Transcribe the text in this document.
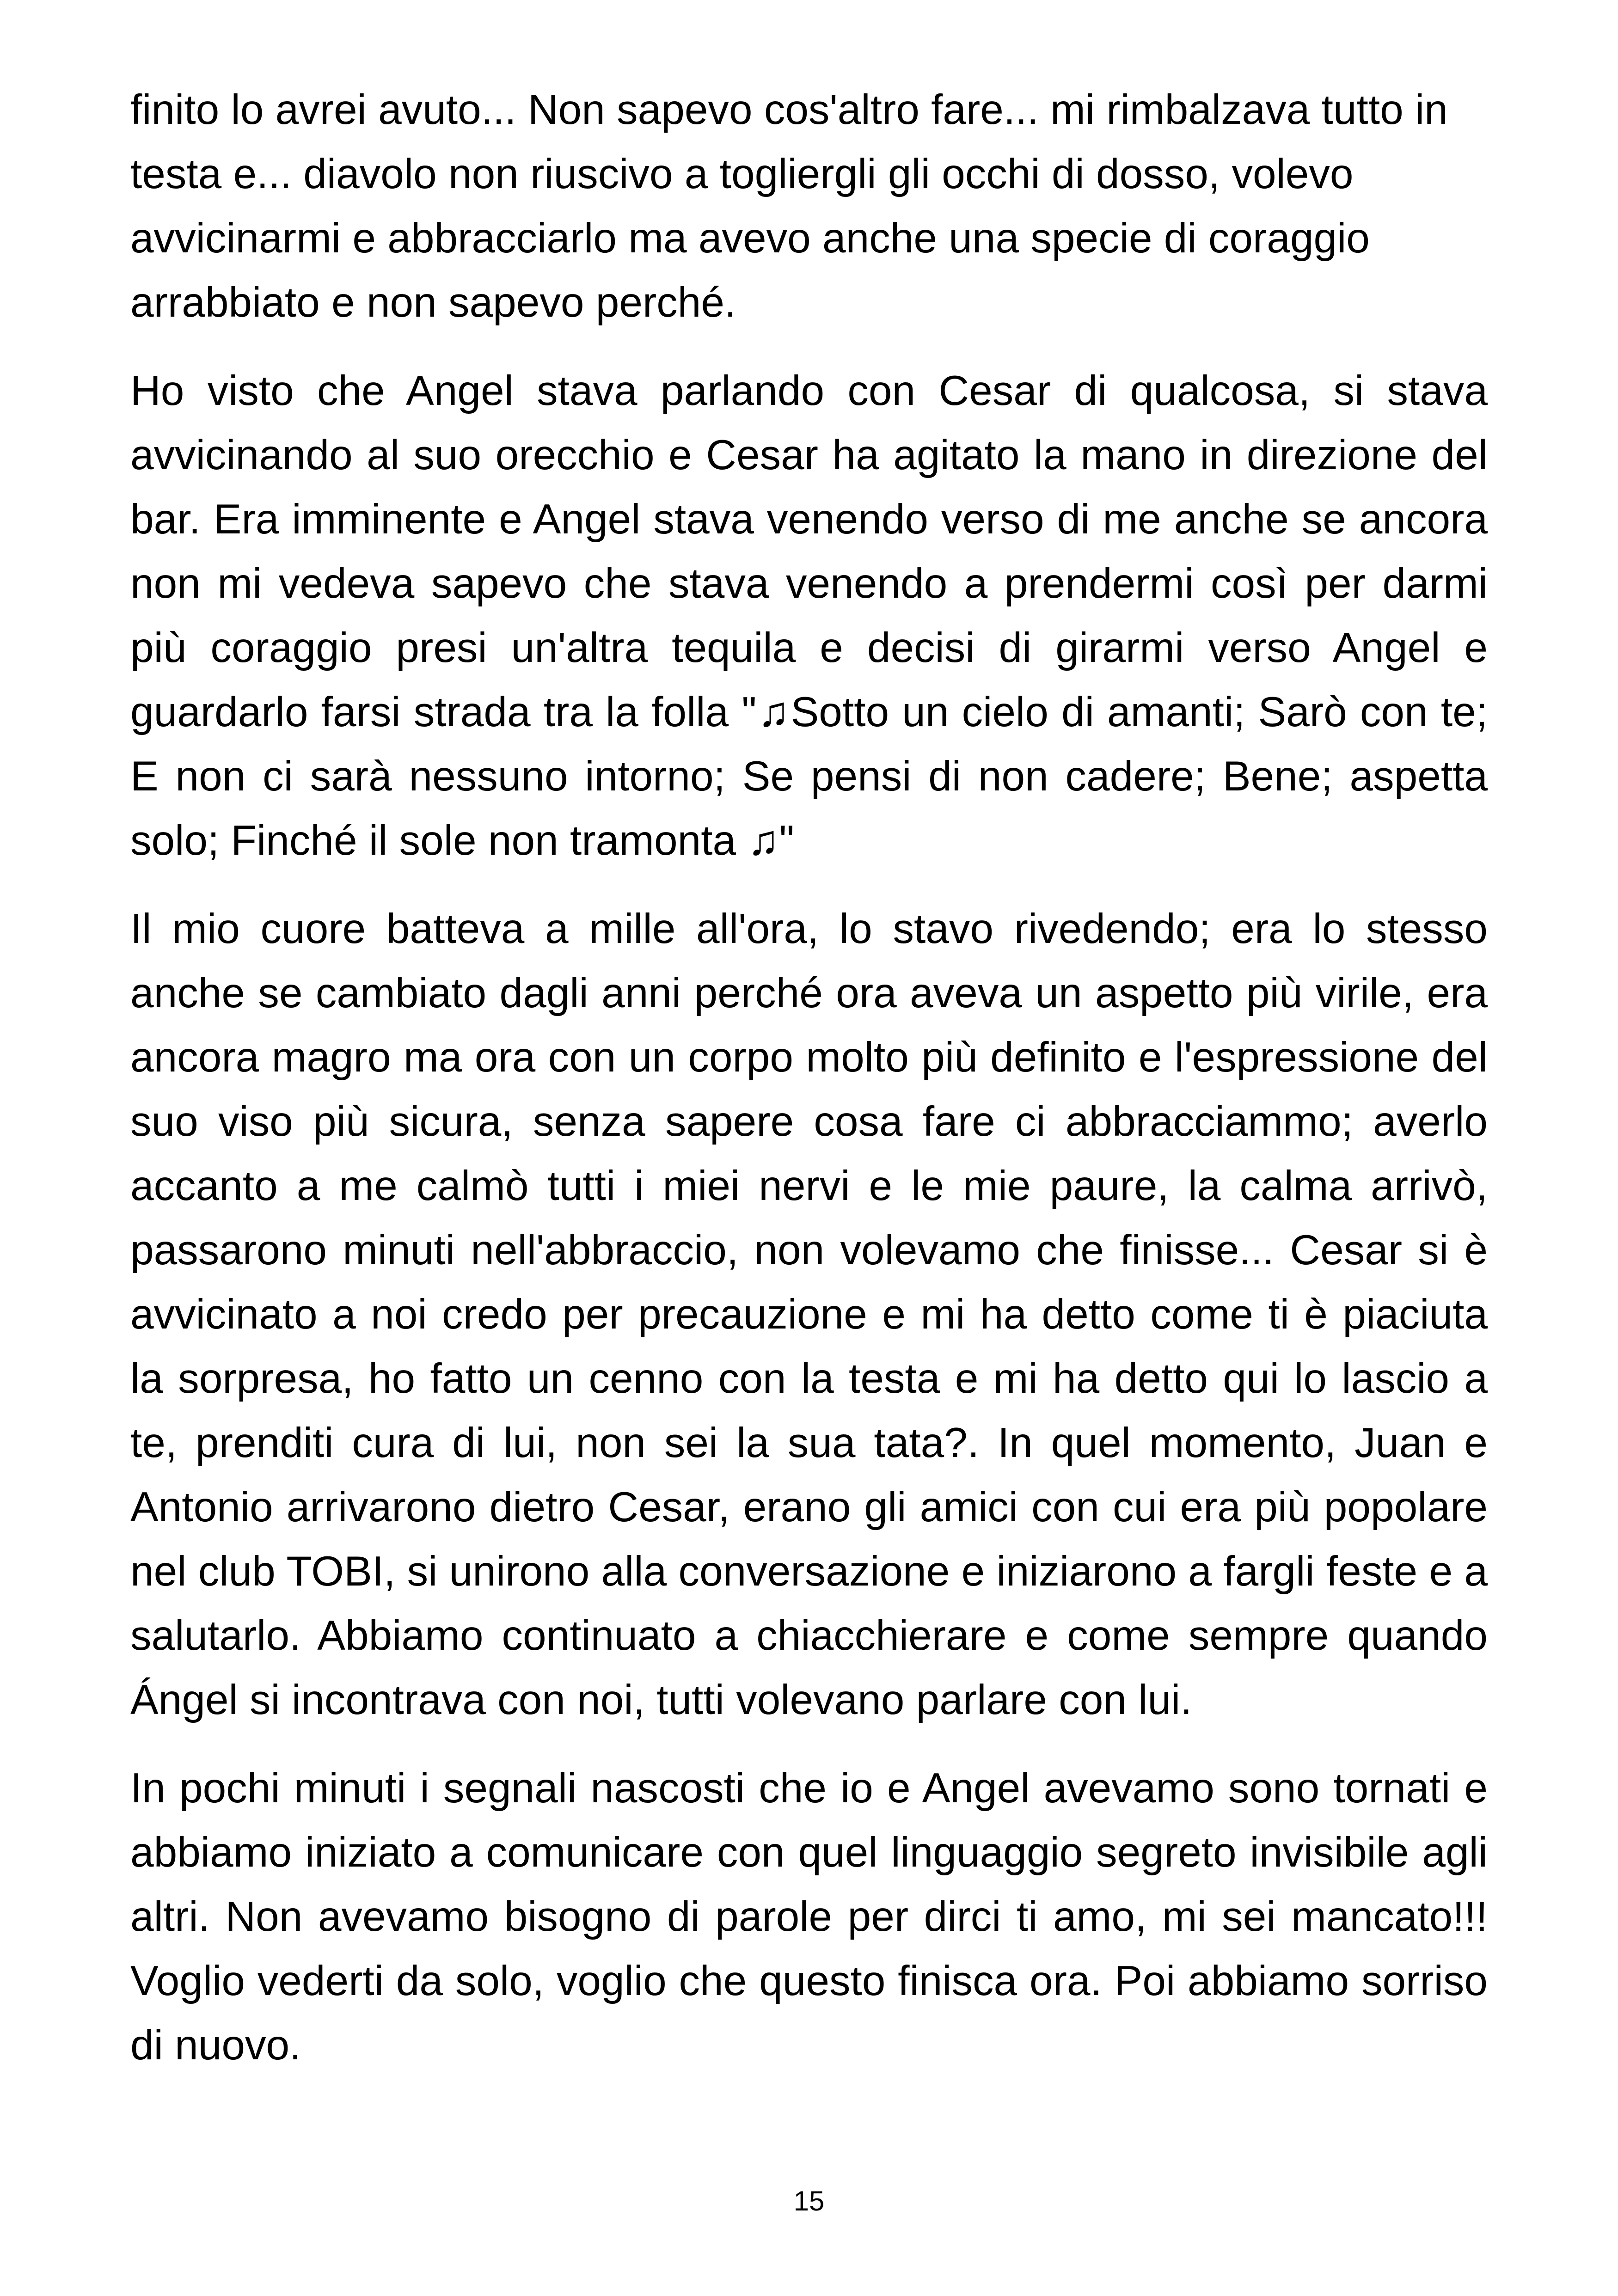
finito lo avrei avuto... Non sapevo cos'altro fare... mi rimbalzava tutto in testa e... diavolo non riuscivo a togliergli gli occhi di dosso, volevo avvicinarmi e abbracciarlo ma avevo anche una specie di coraggio arrabbiato e non sapevo perché.

Ho visto che Angel stava parlando con Cesar di qualcosa, si stava avvicinando al suo orecchio e Cesar ha agitato la mano in direzione del bar. Era imminente e Angel stava venendo verso di me anche se ancora non mi vedeva sapevo che stava venendo a prendermi così per darmi più coraggio presi un'altra tequila e decisi di girarmi verso Angel e guardarlo farsi strada tra la folla "♫Sotto un cielo di amanti; Sarò con te; E non ci sarà nessuno intorno; Se pensi di non cadere; Bene; aspetta solo; Finché il sole non tramonta ♫"

Il mio cuore batteva a mille all'ora, lo stavo rivedendo; era lo stesso anche se cambiato dagli anni perché ora aveva un aspetto più virile, era ancora magro ma ora con un corpo molto più definito e l'espressione del suo viso più sicura, senza sapere cosa fare ci abbracciammo; averlo accanto a me calmò tutti i miei nervi e le mie paure, la calma arrivò, passarono minuti nell'abbraccio, non volevamo che finisse... Cesar si è avvicinato a noi credo per precauzione e mi ha detto come ti è piaciuta la sorpresa, ho fatto un cenno con la testa e mi ha detto qui lo lascio a te, prenditi cura di lui, non sei la sua tata?. In quel momento, Juan e Antonio arrivarono dietro Cesar, erano gli amici con cui era più popolare nel club TOBI, si unirono alla conversazione e iniziarono a fargli feste e a salutarlo. Abbiamo continuato a chiacchierare e come sempre quando Ángel si incontrava con noi, tutti volevano parlare con lui.

In pochi minuti i segnali nascosti che io e Angel avevamo sono tornati e abbiamo iniziato a comunicare con quel linguaggio segreto invisibile agli altri. Non avevamo bisogno di parole per dirci ti amo, mi sei mancato!!! Voglio vederti da solo, voglio che questo finisca ora. Poi abbiamo sorriso di nuovo.

15
